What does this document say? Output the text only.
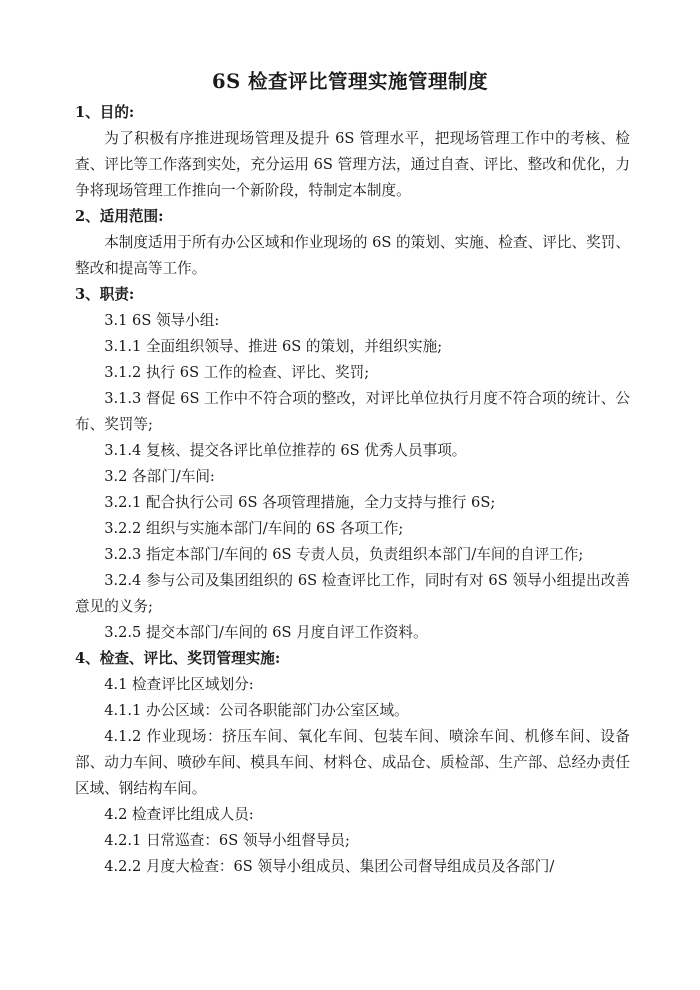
6S 检查评比管理实施管理制度

1、目的:

为了积极有序推进现场管理及提升 6S 管理水平，把现场管理工作中的考核、检查、评比等工作落到实处，充分运用 6S 管理方法，通过自查、评比、整改和优化，力争将现场管理工作推向一个新阶段，特制定本制度。

2、适用范围:

本制度适用于所有办公区域和作业现场的 6S 的策划、实施、检查、评比、奖罚、整改和提高等工作。

3、职责:

3.1 6S 领导小组:

3.1.1 全面组织领导、推进 6S 的策划，并组织实施;

3.1.2 执行 6S 工作的检查、评比、奖罚;

3.1.3 督促 6S 工作中不符合项的整改，对评比单位执行月度不符合项的统计、公布、奖罚等;

3.1.4 复核、提交各评比单位推荐的 6S 优秀人员事项。

3.2 各部门/车间:

3.2.1 配合执行公司 6S 各项管理措施，全力支持与推行 6S;

3.2.2 组织与实施本部门/车间的 6S 各项工作;

3.2.3 指定本部门/车间的 6S 专责人员，负责组织本部门/车间的自评工作;

3.2.4 参与公司及集团组织的 6S 检查评比工作，同时有对 6S 领导小组提出改善意见的义务;

3.2.5 提交本部门/车间的 6S 月度自评工作资料。

4、检查、评比、奖罚管理实施:

4.1 检查评比区域划分:

4.1.1 办公区域：公司各职能部门办公室区域。

4.1.2 作业现场：挤压车间、氧化车间、包装车间、喷涂车间、机修车间、设备部、动力车间、喷砂车间、模具车间、材料仓、成品仓、质检部、生产部、总经办责任区域、钢结构车间。

4.2 检查评比组成人员:

4.2.1 日常巡查：6S 领导小组督导员;

4.2.2 月度大检查：6S 领导小组成员、集团公司督导组成员及各部门/
